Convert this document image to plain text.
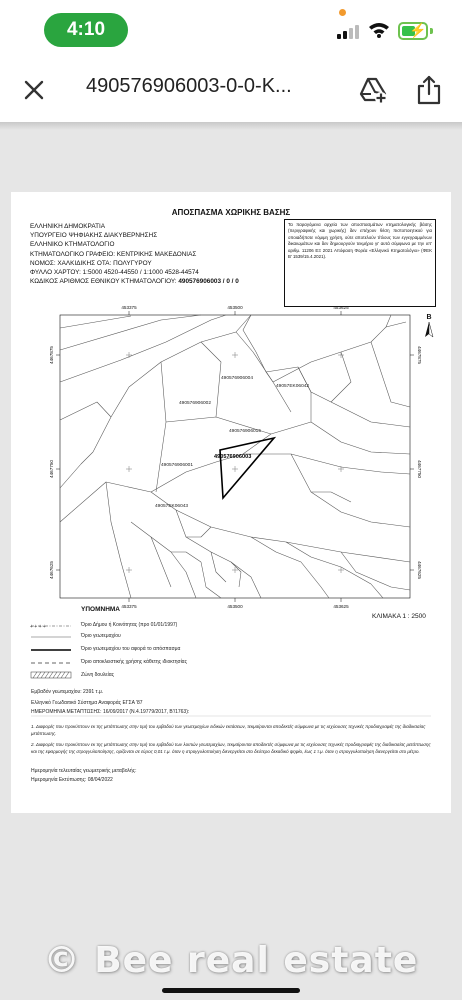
4:10	⚡
490576906003-0-0-K...
ΑΠΟΣΠΑΣΜΑ ΧΩΡΙΚΗΣ ΒΑΣΗΣ
ΕΛΛΗΝΙΚΗ ΔΗΜΟΚΡΑΤΙΑ
ΥΠΟΥΡΓΕΙΟ ΨΗΦΙΑΚΗΣ ΔΙΑΚΥΒΕΡΝΗΣΗΣ
ΕΛΛΗΝΙΚΟ ΚΤΗΜΑΤΟΛΟΓΙΟ
ΚΤΗΜΑΤΟΛΟΓΙΚΟ ΓΡΑΦΕΙΟ: ΚΕΝΤΡΙΚΗΣ ΜΑΚΕΔΟΝΙΑΣ
ΝΟΜΟΣ: ΧΑΛΚΙΔΙΚΗΣ ΟΤΑ: ΠΟΛΥΓΥΡΟΥ
ΦΥΛΛΟ ΧΑΡΤΟΥ: 1:5000 4520-44550 / 1:1000 4528-44574
ΚΩΔΙΚΟΣ ΑΡΙΘΜΟΣ ΕΘΝΙΚΟΥ ΚΤΗΜΑΤΟΛΟΓΙΟΥ: 490576906003 / 0 / 0
Τα παραγόμενα αρχεία των αποσπασμάτων κτηματολογικής βάσης (περιγραφικής και χωρικής) δεν επέχουν θέση πιστοποιητικού για οποιαδήποτε νόμιμη χρήση, ούτε αποτελούν τίτλους των εγγεγραμμένων δικαιωμάτων και δεν δημιουργούν τεκμήριο γι' αυτά σύμφωνα με την υπ' αριθμ. 11206 ΕΞ 2021 Απόφαση Φορέα «Ελληνικό Κτηματολόγιο» (ΦΕΚ Β' 1539/15.4.2021).
453375	453500	453625
453375	453500	453625
4467875
4467750
4467625
4467875
4467750
4467625
490576906004
49057ΕΚ06042
490576906002
490576906015
490576906001
49057ΕΚ06043
490576906003
B
+ + + +
ΥΠΟΜΝΗΜΑ
ΚΛΙΜΑΚΑ 1 : 2500
Όριο Δήμου ή Κοινότητας (προ 01/01/1997)
Όριο γεωτεμαχίου
Όριο γεωτεμαχίου του αφορά το απόσπασμα
Όριο αποκλειστικής χρήσης κάθετης ιδιοκτησίας
Ζώνη δουλείας
Εμβαδόν γεωτεμαχίου: 2391 τ.μ.
Ελληνικό Γεωδαιτικό Σύστημα Αναφοράς ΕΓΣΑ '87
ΗΜΕΡΟΜΗΝΙΑ ΜΕΤΑΠΤΩΣΗΣ: 16/09/2017 (Ν.4.19779/2017, Β'/1763):
1. Διαφορές που προκύπτουν εκ της μετάπτωσης στην τιμή του εμβαδού των γεωτεμαχίων ειδικών εκτάσεων, τεκμαίρονται αποδεκτές σύμφωνα με τις ισχύουσες τεχνικές προδιαγραφές της διαδικασίας μετάπτωσης.
2. Διαφορές που προκύπτουν εκ της μετάπτωσης στην τιμή του εμβαδού των λοιπών γεωτεμαχίων, τεκμαίρονται αποδεκτές σύμφωνα με τις ισχύουσες τεχνικές προδιαγραφές της διαδικασίας μετάπτωσης και της εφαρμογής της στρογγυλοποίησης, ορίζονται σε εύρος 0,01 τ.μ. όταν η στρογγυλοποίηση διενεργείται στο δεύτερο δεκαδικό ψηφίο, έως 1 τ.μ. όταν η στρογγυλοποίηση διενεργείται στο μέτρο.
Ημερομηνία τελευταίας γεωμετρικής μεταβολής:
Ημερομηνία Εκτύπωσης: 08/04/2022
© Bee real estate
